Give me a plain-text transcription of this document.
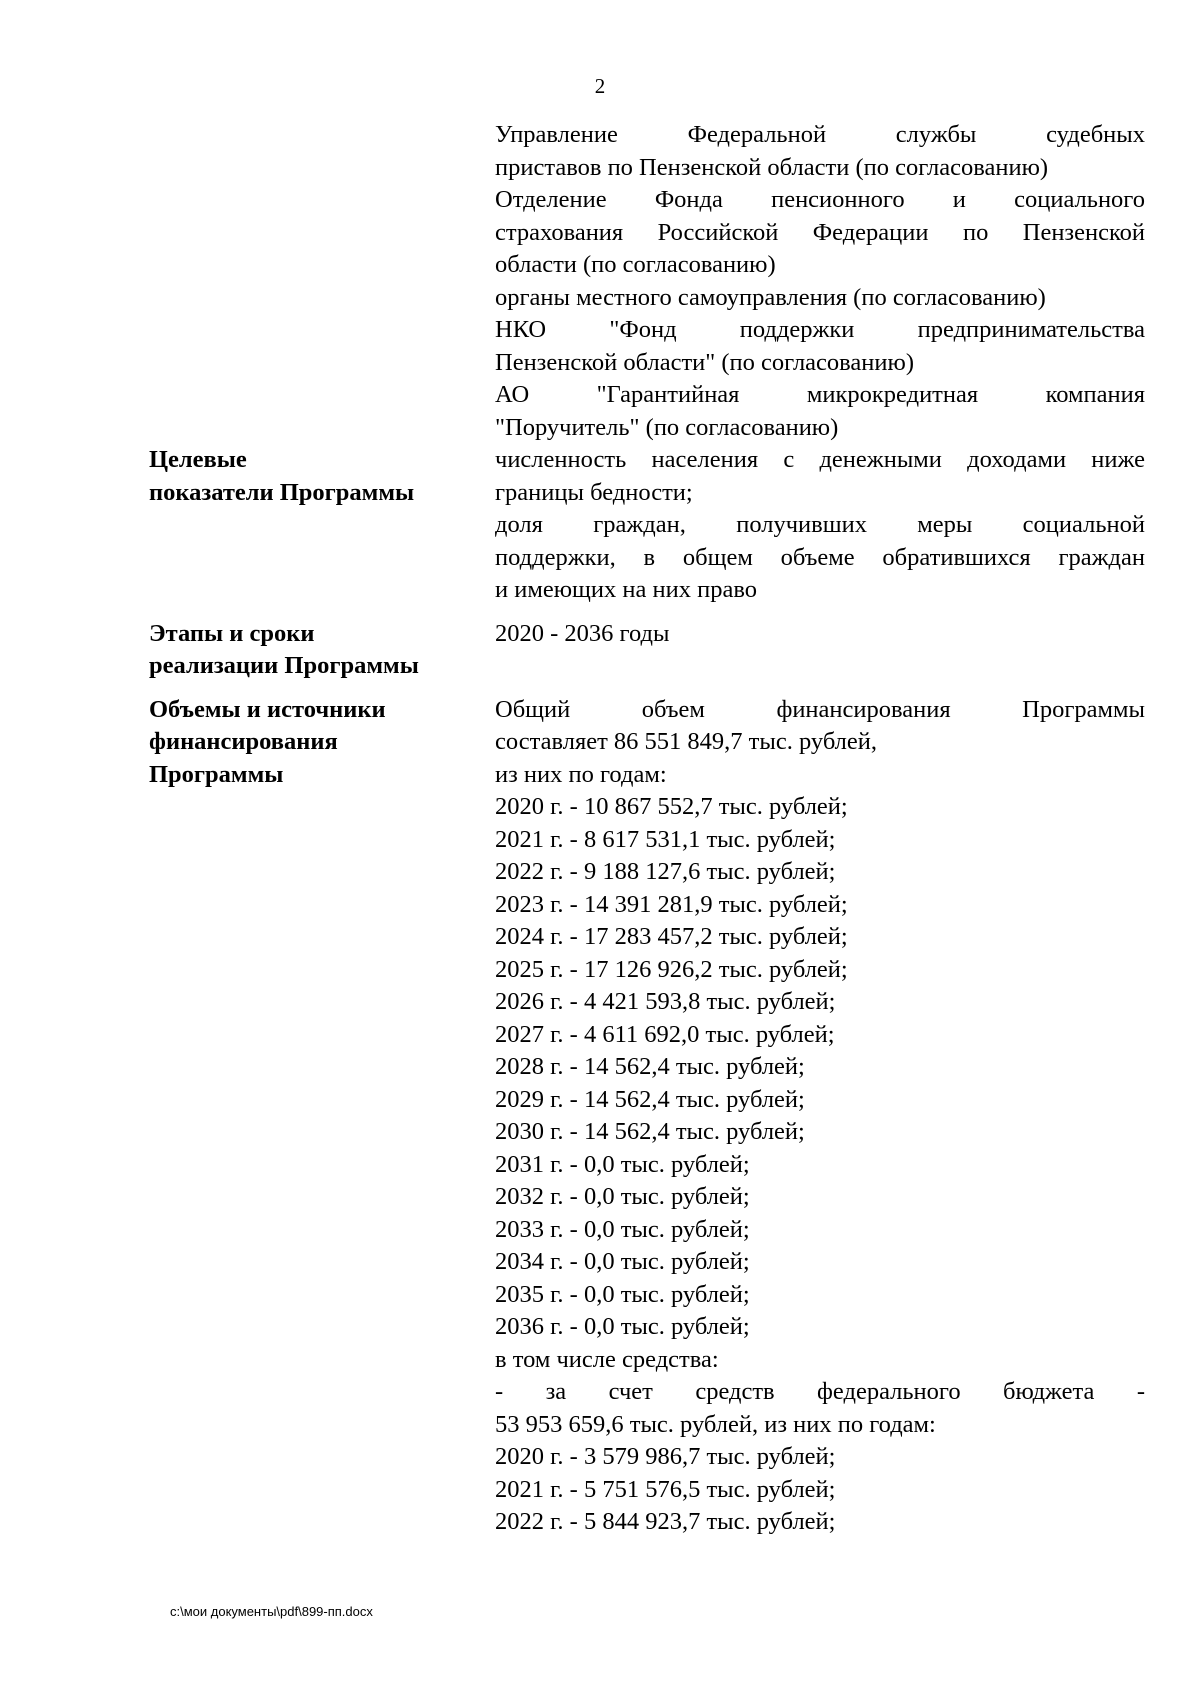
2

Управление Федеральной службы судебных

приставов по Пензенской области (по согласованию)

Отделение Фонда пенсионного и социального

страхования Российской Федерации по Пензенской

области (по согласованию)

органы местного самоуправления (по согласованию)

НКО "Фонд поддержки предпринимательства

Пензенской области" (по согласованию)

АО "Гарантийная микрокредитная компания

"Поручитель" (по согласованию)

Целевые

показатели Программы

численность населения с денежными доходами ниже

границы бедности;

доля граждан, получивших меры социальной

поддержки, в общем объеме обратившихся граждан

и имеющих на них право

Этапы и сроки

реализации Программы

2020 - 2036 годы

Объемы и источники

финансирования

Программы

Общий объем финансирования Программы

составляет 86 551 849,7 тыс. рублей,

из них по годам:

2020 г. - 10 867 552,7 тыс. рублей;

2021 г. - 8 617 531,1 тыс. рублей;

2022 г. - 9 188 127,6 тыс. рублей;

2023 г. - 14 391 281,9 тыс. рублей;

2024 г. - 17 283 457,2 тыс. рублей;

2025 г. - 17 126 926,2 тыс. рублей;

2026 г. - 4 421 593,8 тыс. рублей;

2027 г. - 4 611 692,0 тыс. рублей;

2028 г. - 14 562,4 тыс. рублей;

2029 г. - 14 562,4 тыс. рублей;

2030 г. - 14 562,4 тыс. рублей;

2031 г. - 0,0 тыс. рублей;

2032 г. - 0,0 тыс. рублей;

2033 г. - 0,0 тыс. рублей;

2034 г. - 0,0 тыс. рублей;

2035 г. - 0,0 тыс. рублей;

2036 г. - 0,0 тыс. рублей;

в том числе средства:

- за счет средств федерального бюджета -

53 953 659,6 тыс. рублей, из них по годам:

2020 г. - 3 579 986,7 тыс. рублей;

2021 г. - 5 751 576,5 тыс. рублей;

2022 г. - 5 844 923,7 тыс. рублей;

c:\мои документы\pdf\899-пп.docx
